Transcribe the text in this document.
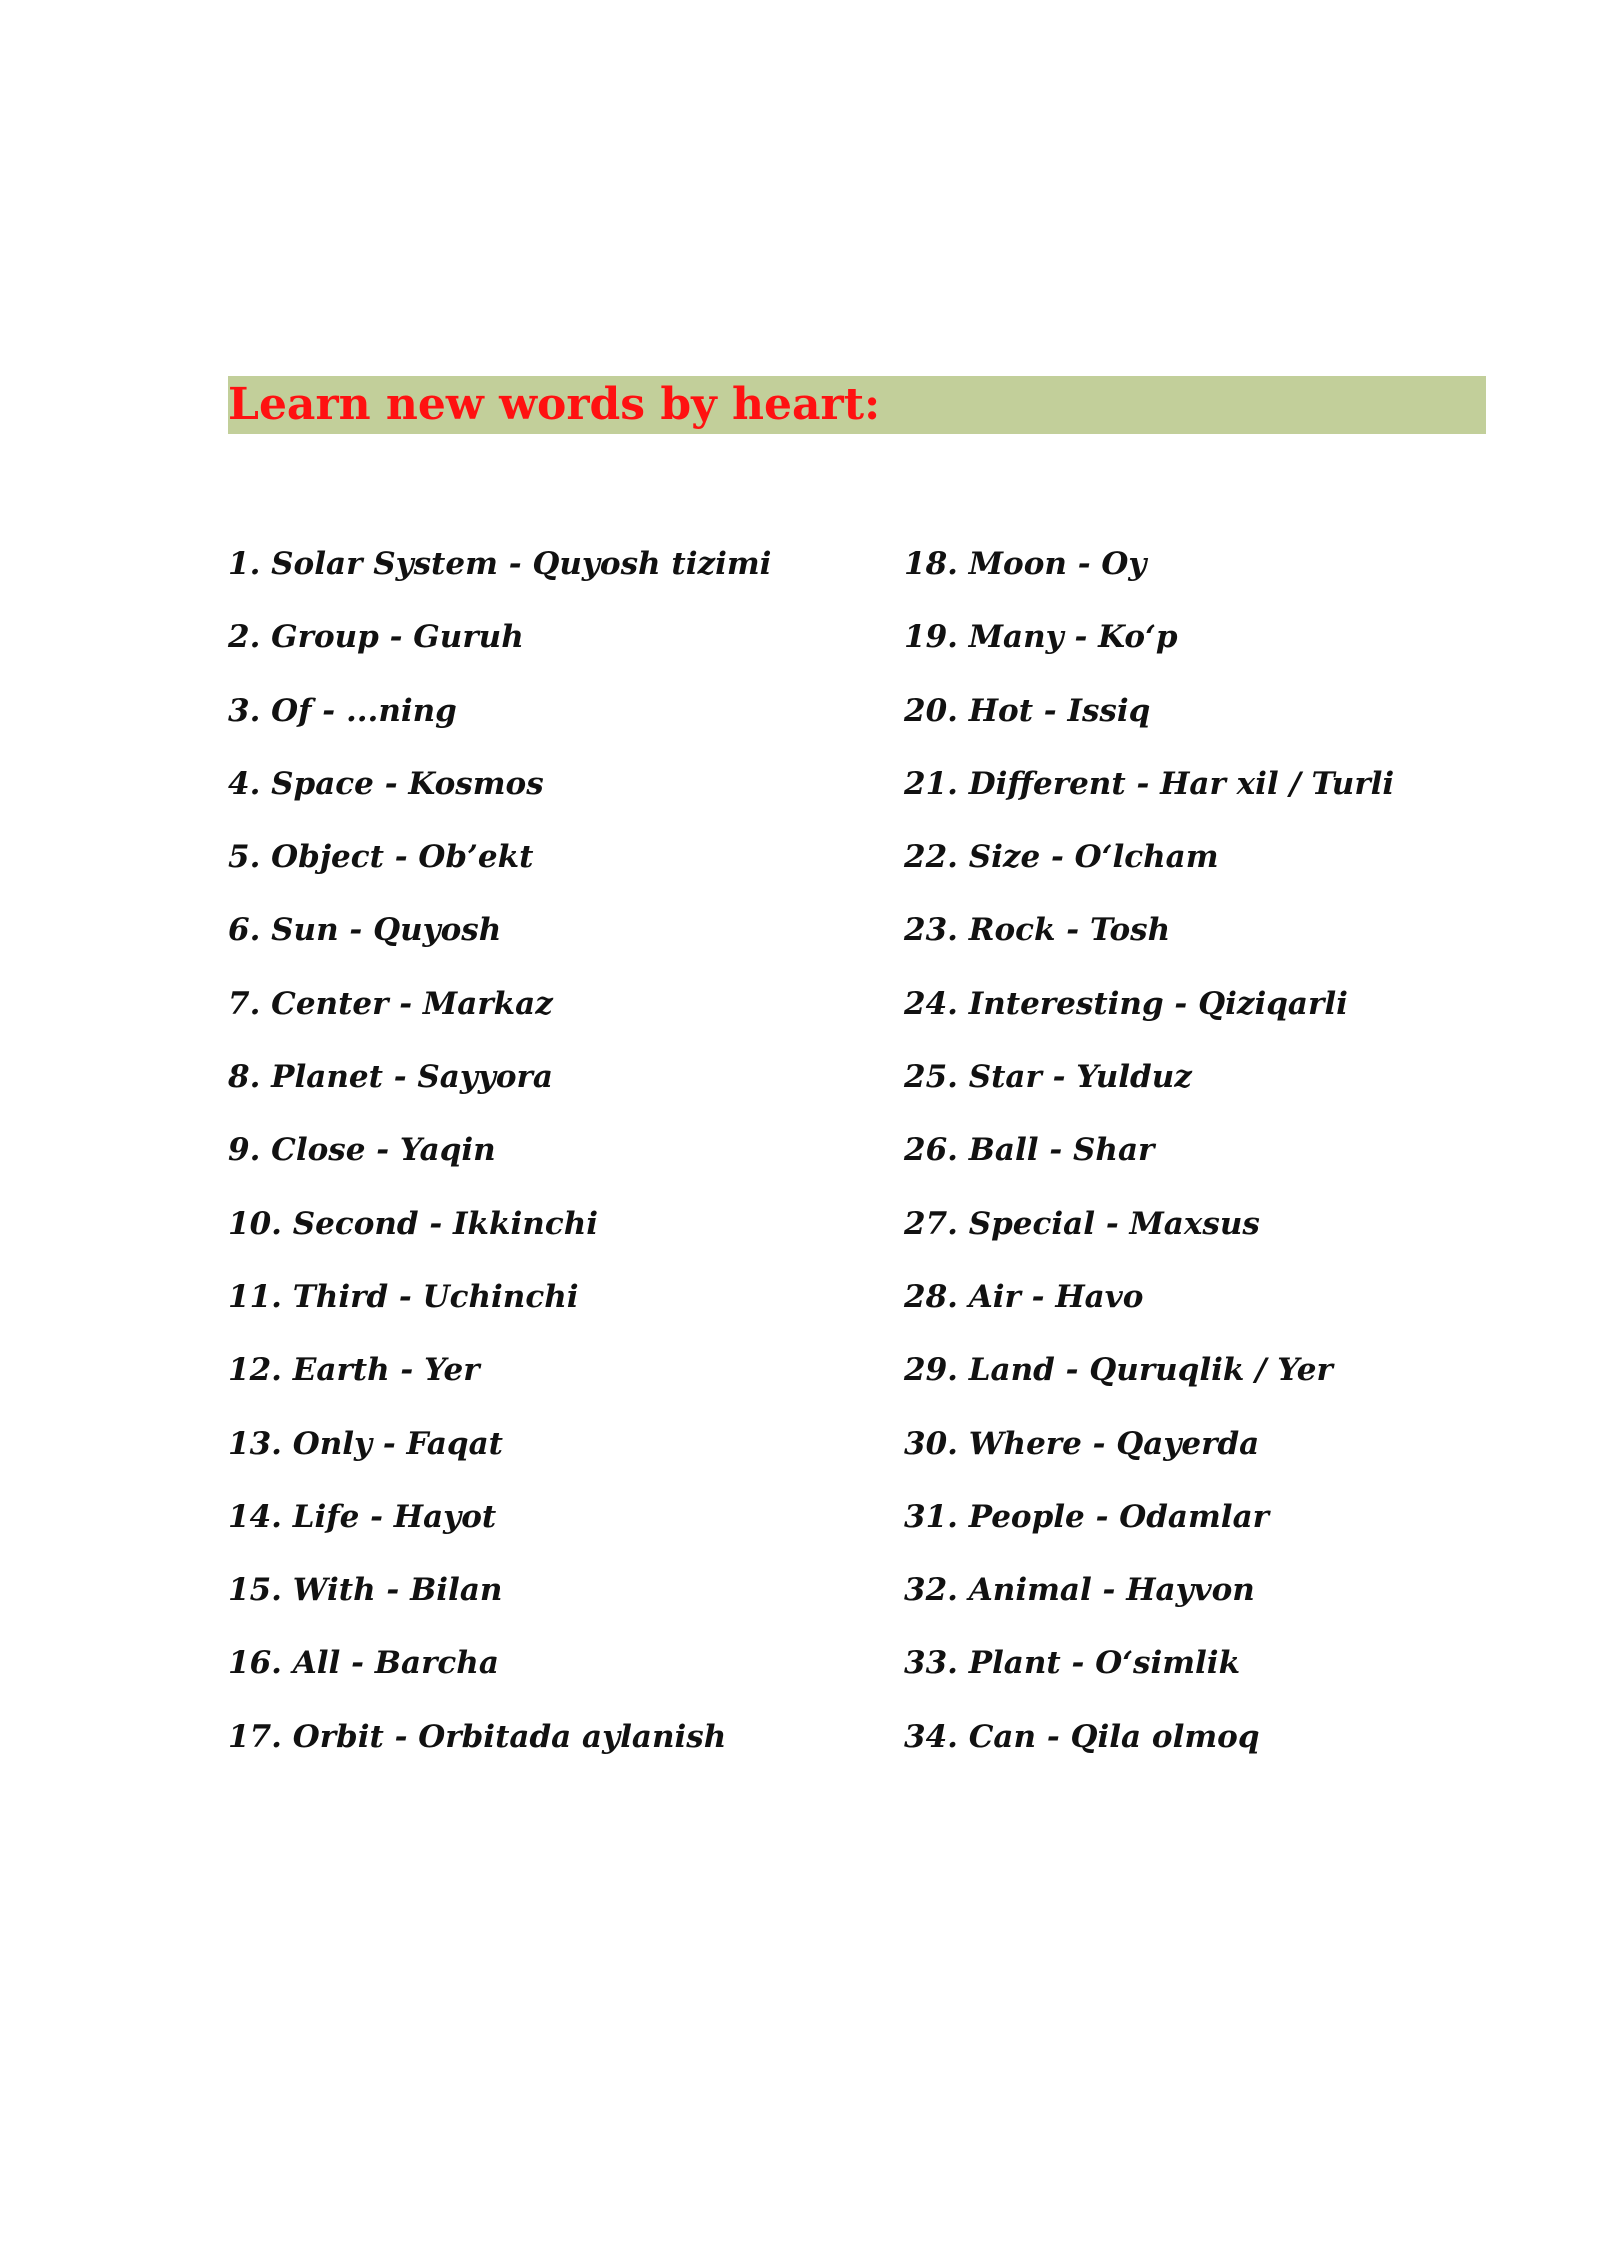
Learn new words by heart:
1. Solar System - Quyosh tizimi
2. Group - Guruh
3. Of - ...ning
4. Space - Kosmos
5. Object - Ob’ekt
6. Sun - Quyosh
7. Center - Markaz
8. Planet - Sayyora
9. Close - Yaqin
10. Second - Ikkinchi
11. Third - Uchinchi
12. Earth - Yer
13. Only - Faqat
14. Life - Hayot
15. With - Bilan
16. All - Barcha
17. Orbit - Orbitada aylanish
18. Moon - Oy
19. Many - Ko‘p
20. Hot - Issiq
21. Different - Har xil / Turli
22. Size - O‘lcham
23. Rock - Tosh
24. Interesting - Qiziqarli
25. Star - Yulduz
26. Ball - Shar
27. Special - Maxsus
28. Air - Havo
29. Land - Quruqlik / Yer
30. Where - Qayerda
31. People - Odamlar
32. Animal - Hayvon
33. Plant - O‘simlik
34. Can - Qila olmoq
